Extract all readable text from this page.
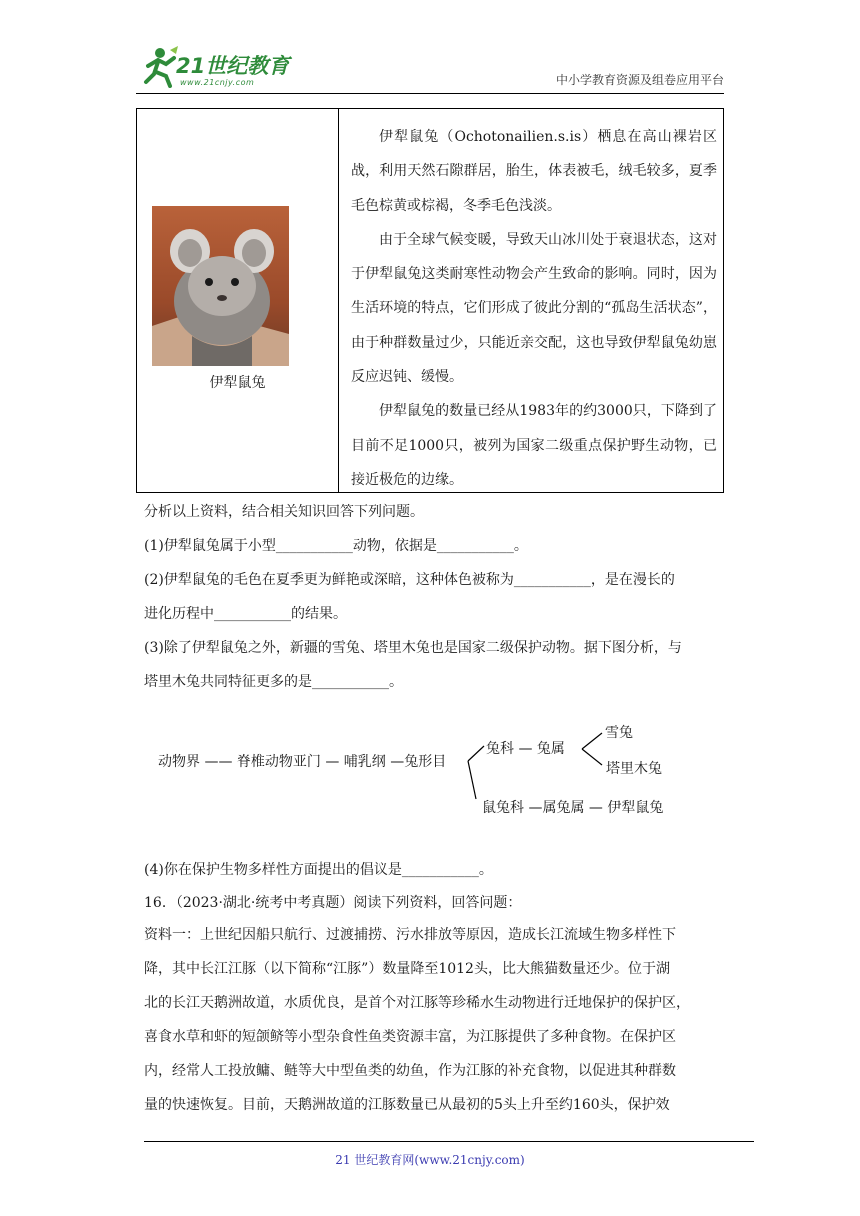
21世纪教育
www.21cnjy.com	中小学教育资源及组卷应用平台
伊犁鼠兔

伊犁鼠兔（Ochotonailien.s.is）栖息在高山裸岩区战，利用天然石隙群居，胎生，体表被毛，绒毛较多，夏季毛色棕黄或棕褐，冬季毛色浅淡。

由于全球气候变暖，导致天山冰川处于衰退状态，这对于伊犁鼠兔这类耐寒性动物会产生致命的影响。同时，因为生活环境的特点，它们形成了彼此分割的“孤岛生活状态”，由于种群数量过少，只能近亲交配，这也导致伊犁鼠兔幼崽反应迟钝、缓慢。

伊犁鼠兔的数量已经从1983年的约3000只，下降到了目前不足1000只，被列为国家二级重点保护野生动物，已接近极危的边缘。

分析以上资料，结合相关知识回答下列问题。

(1)伊犁鼠兔属于小型___________动物，依据是___________。

(2)伊犁鼠兔的毛色在夏季更为鲜艳或深暗，这种体色被称为___________，是在漫长的

进化历程中___________的结果。

(3)除了伊犁鼠兔之外，新疆的雪兔、塔里木兔也是国家二级保护动物。据下图分析，与

塔里木兔共同特征更多的是___________。

动物界 —— 脊椎动物亚门 — 哺乳纲 —兔形目
兔科 — 兔属
雪兔
塔里木兔
鼠兔科 —属兔属 — 伊犁鼠兔

(4)你在保护生物多样性方面提出的倡议是___________。

16．（2023·湖北·统考中考真题）阅读下列资料，回答问题：

资料一：上世纪因船只航行、过渡捕捞、污水排放等原因，造成长江流域生物多样性下

降，其中长江江豚（以下简称“江豚”）数量降至1012头，比大熊猫数量还少。位于湖

北的长江天鹅洲故道，水质优良，是首个对江豚等珍稀水生动物进行迁地保护的保护区，

喜食水草和虾的短颌鲚等小型杂食性鱼类资源丰富，为江豚提供了多种食物。在保护区

内，经常人工投放鳙、鲢等大中型鱼类的幼鱼，作为江豚的补充食物，以促进其种群数

量的快速恢复。目前，天鹅洲故道的江豚数量已从最初的5头上升至约160头，保护效

21 世纪教育网(www.21cnjy.com)
